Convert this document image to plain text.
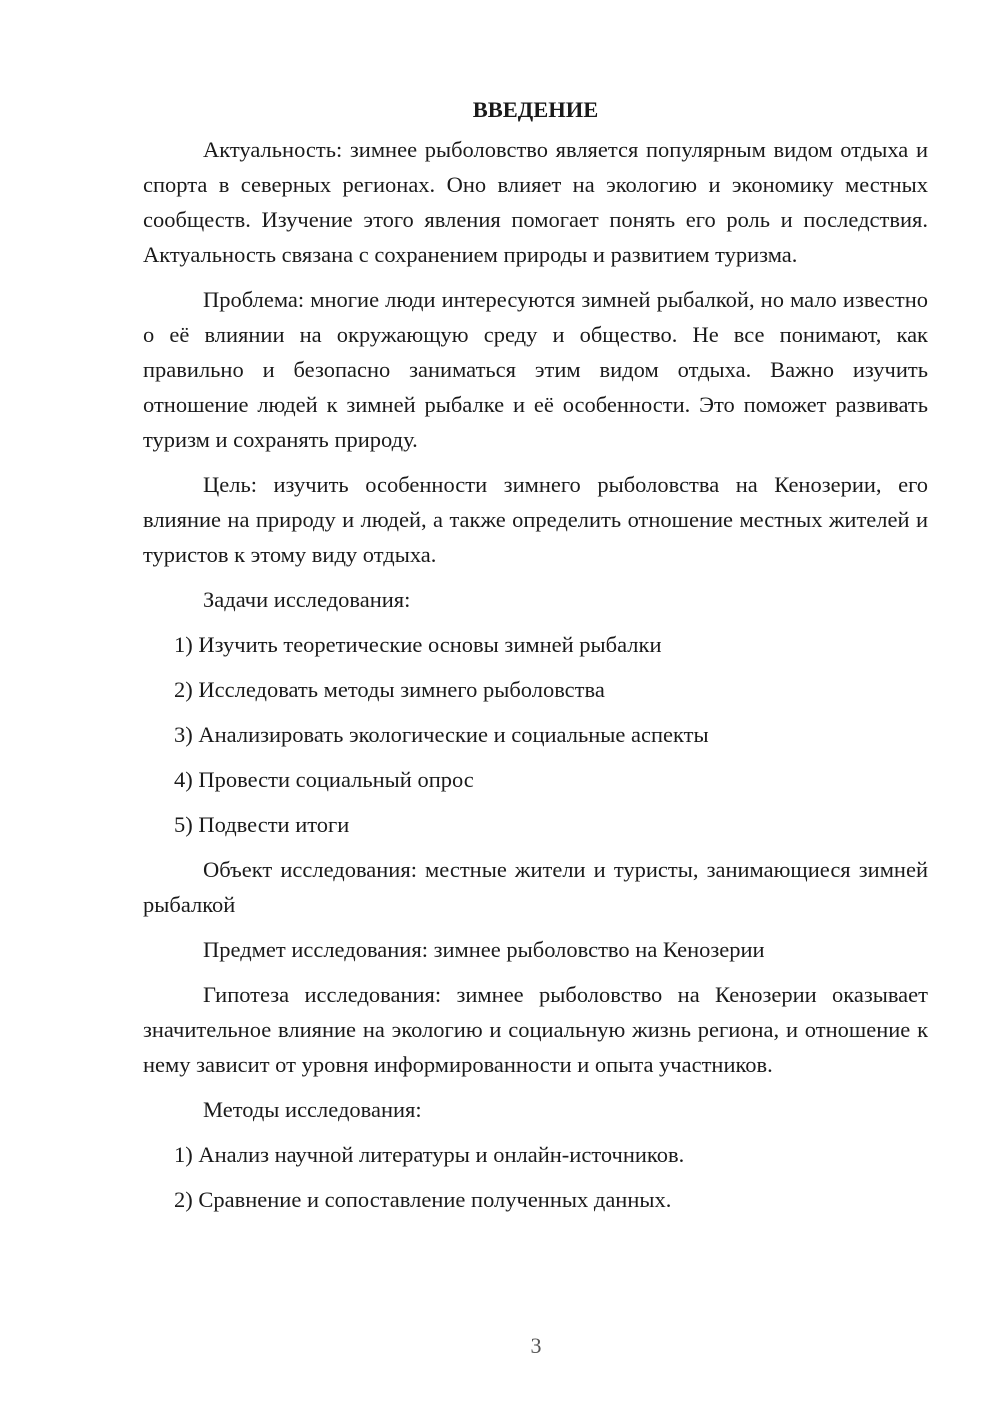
ВВЕДЕНИЕ

Актуальность: зимнее рыболовство является популярным видом отдыха и спорта в северных регионах. Оно влияет на экологию и экономику местных сообществ. Изучение этого явления помогает понять его роль и последствия. Актуальность связана с сохранением природы и развитием туризма.

Проблема: многие люди интересуются зимней рыбалкой, но мало известно о её влиянии на окружающую среду и общество. Не все понимают, как правильно и безопасно заниматься этим видом отдыха. Важно изучить отношение людей к зимней рыбалке и её особенности. Это поможет развивать туризм и сохранять природу.

Цель: изучить особенности зимнего рыболовства на Кенозерии, его влияние на природу и людей, а также определить отношение местных жителей и туристов к этому виду отдыха.

Задачи исследования:

1) Изучить теоретические основы зимней рыбалки

2) Исследовать методы зимнего рыболовства

3) Анализировать экологические и социальные аспекты

4) Провести социальный опрос

5) Подвести итоги

Объект исследования: местные жители и туристы, занимающиеся зимней рыбалкой

Предмет исследования: зимнее рыболовство на Кенозерии

Гипотеза исследования: зимнее рыболовство на Кенозерии оказывает значительное влияние на экологию и социальную жизнь региона, и отношение к нему зависит от уровня информированности и опыта участников.

Методы исследования:

1) Анализ научной литературы и онлайн-источников.

2) Сравнение и сопоставление полученных данных.

3
